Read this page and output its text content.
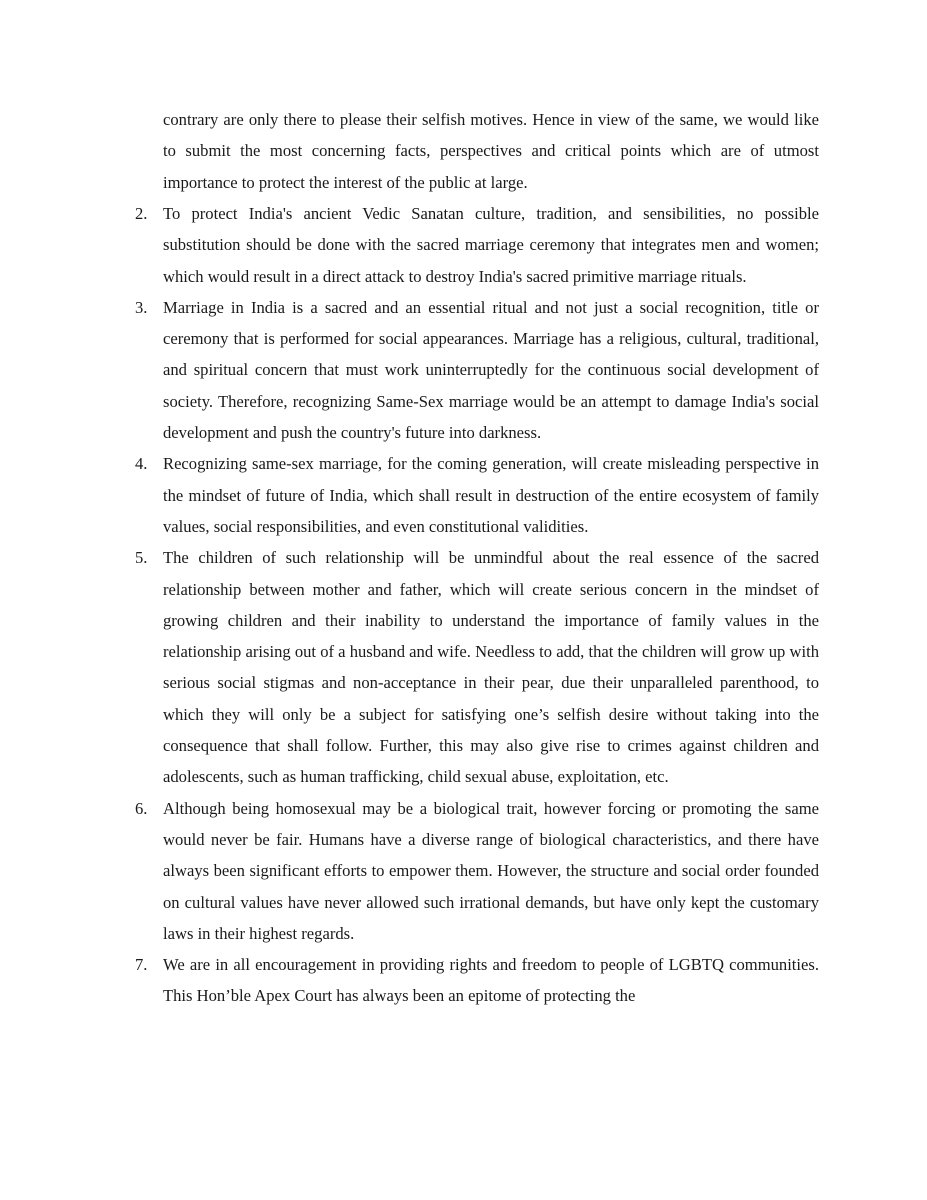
contrary are only there to please their selfish motives. Hence in view of the same, we would like to submit the most concerning facts, perspectives and critical points which are of utmost importance to protect the interest of the public at large.

2. To protect India's ancient Vedic Sanatan culture, tradition, and sensibilities, no possible substitution should be done with the sacred marriage ceremony that integrates men and women; which would result in a direct attack to destroy India's sacred primitive marriage rituals.
3. Marriage in India is a sacred and an essential ritual and not just a social recognition, title or ceremony that is performed for social appearances. Marriage has a religious, cultural, traditional, and spiritual concern that must work uninterruptedly for the continuous social development of society. Therefore, recognizing Same-Sex marriage would be an attempt to damage India's social development and push the country's future into darkness.
4. Recognizing same-sex marriage, for the coming generation, will create misleading perspective in the mindset of future of India, which shall result in destruction of the entire ecosystem of family values, social responsibilities, and even constitutional validities.
5. The children of such relationship will be unmindful about the real essence of the sacred relationship between mother and father, which will create serious concern in the mindset of growing children and their inability to understand the importance of family values in the relationship arising out of a husband and wife. Needless to add, that the children will grow up with serious social stigmas and non-acceptance in their pear, due their unparalleled parenthood, to which they will only be a subject for satisfying one’s selfish desire without taking into the consequence that shall follow. Further, this may also give rise to crimes against children and adolescents, such as human trafficking, child sexual abuse, exploitation, etc.
6. Although being homosexual may be a biological trait, however forcing or promoting the same would never be fair. Humans have a diverse range of biological characteristics, and there have always been significant efforts to empower them. However, the structure and social order founded on cultural values have never allowed such irrational demands, but have only kept the customary laws in their highest regards.
7. We are in all encouragement in providing rights and freedom to people of LGBTQ communities. This Hon’ble Apex Court has always been an epitome of protecting the
